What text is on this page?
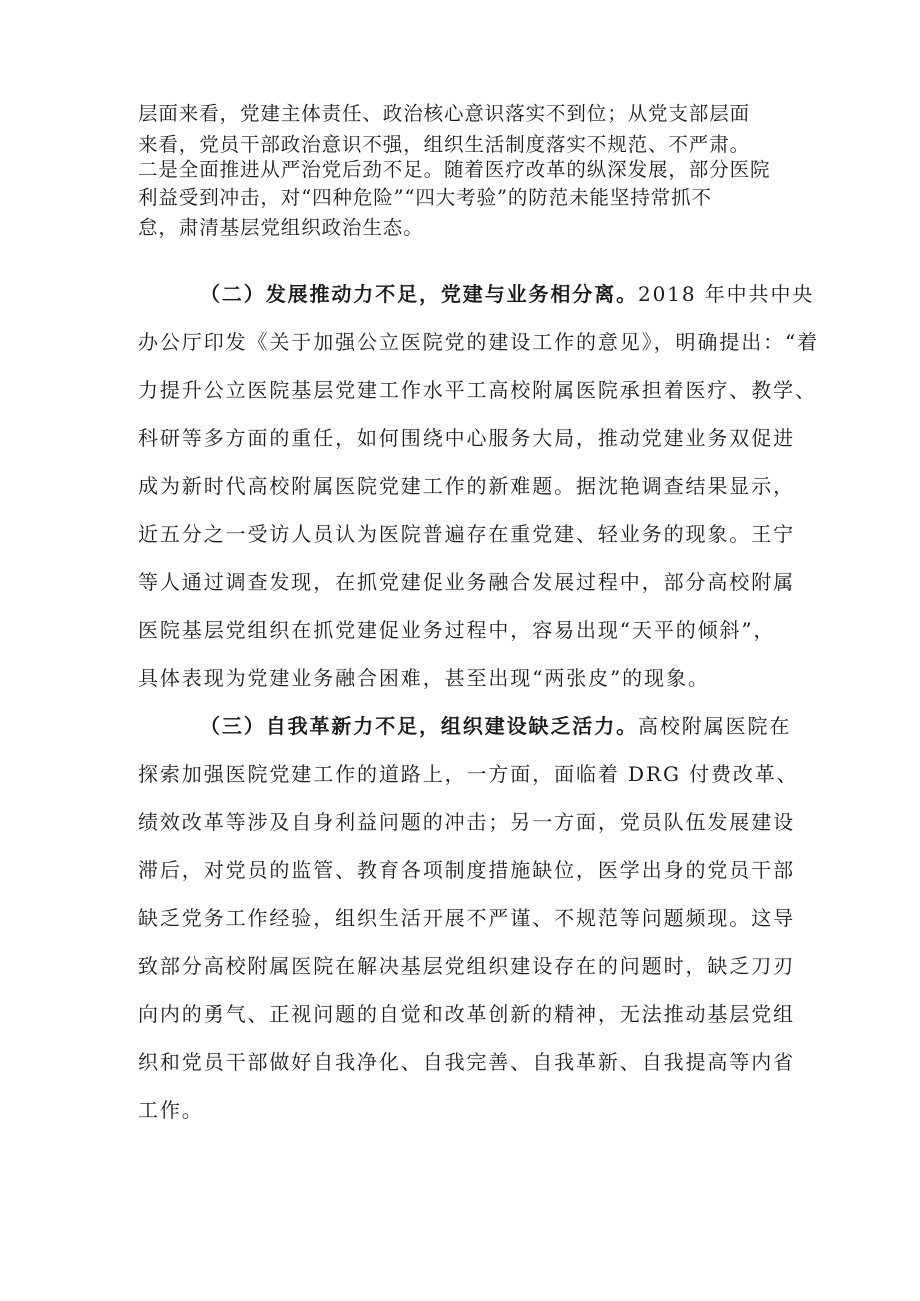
层面来看，党建主体责任、政治核心意识落实不到位；从党支部层面
来看，党员干部政治意识不强，组织生活制度落实不规范、不严肃。
二是全面推进从严治党后劲不足。随着医疗改革的纵深发展，部分医院
利益受到冲击，对“四种危险”“四大考验”的防范未能坚持常抓不
怠，肃清基层党组织政治生态。
（二）发展推动力不足，党建与业务相分离。2018 年中共中央
办公厅印发《关于加强公立医院党的建设工作的意见》，明确提出：“着
力提升公立医院基层党建工作水平工高校附属医院承担着医疗、教学、
科研等多方面的重任，如何围绕中心服务大局，推动党建业务双促进
成为新时代高校附属医院党建工作的新难题。据沈艳调查结果显示，
近五分之一受访人员认为医院普遍存在重党建、轻业务的现象。王宁
等人通过调查发现，在抓党建促业务融合发展过程中，部分高校附属
医院基层党组织在抓党建促业务过程中，容易出现“天平的倾斜”，
具体表现为党建业务融合困难，甚至出现“两张皮”的现象。
（三）自我革新力不足，组织建设缺乏活力。高校附属医院在
探索加强医院党建工作的道路上，一方面，面临着 DRG 付费改革、
绩效改革等涉及自身利益问题的冲击；另一方面，党员队伍发展建设
滞后，对党员的监管、教育各项制度措施缺位，医学出身的党员干部
缺乏党务工作经验，组织生活开展不严谨、不规范等问题频现。这导
致部分高校附属医院在解决基层党组织建设存在的问题时，缺乏刀刃
向内的勇气、正视问题的自觉和改革创新的精神，无法推动基层党组
织和党员干部做好自我净化、自我完善、自我革新、自我提高等内省
工作。
